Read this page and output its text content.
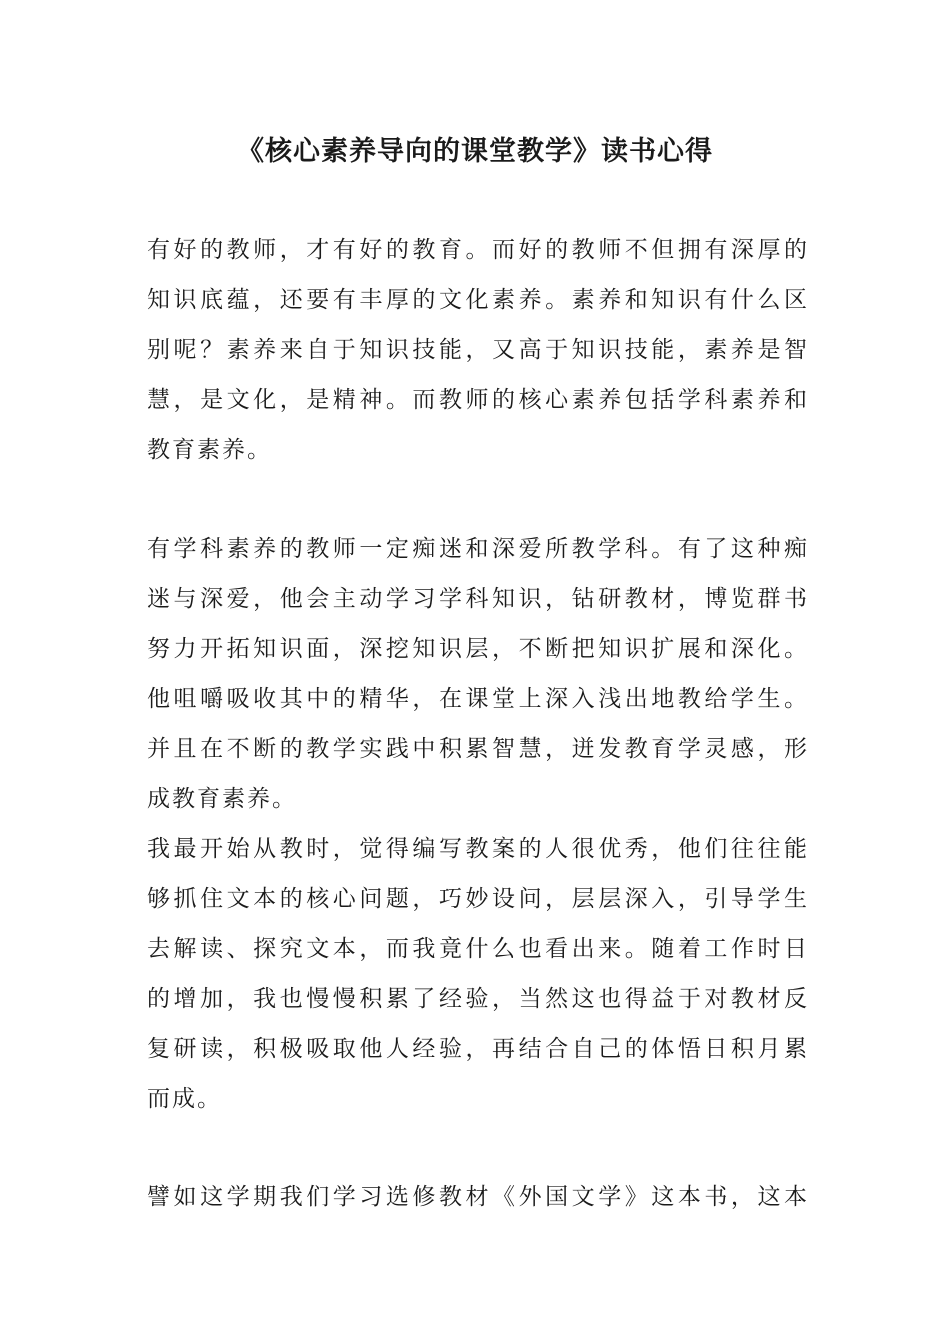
《核心素养导向的课堂教学》读书心得

有好的教师，才有好的教育。而好的教师不但拥有深厚的

知识底蕴，还要有丰厚的文化素养。素养和知识有什么区

别呢？素养来自于知识技能，又高于知识技能，素养是智

慧，是文化，是精神。而教师的核心素养包括学科素养和

教育素养。

有学科素养的教师一定痴迷和深爱所教学科。有了这种痴

迷与深爱，他会主动学习学科知识，钻研教材，博览群书

努力开拓知识面，深挖知识层，不断把知识扩展和深化。

他咀嚼吸收其中的精华，在课堂上深入浅出地教给学生。

并且在不断的教学实践中积累智慧，迸发教育学灵感，形

成教育素养。

我最开始从教时，觉得编写教案的人很优秀，他们往往能

够抓住文本的核心问题，巧妙设问，层层深入，引导学生

去解读、探究文本，而我竟什么也看出来。随着工作时日

的增加，我也慢慢积累了经验，当然这也得益于对教材反

复研读，积极吸取他人经验，再结合自己的体悟日积月累

而成。

譬如这学期我们学习选修教材《外国文学》这本书，这本
